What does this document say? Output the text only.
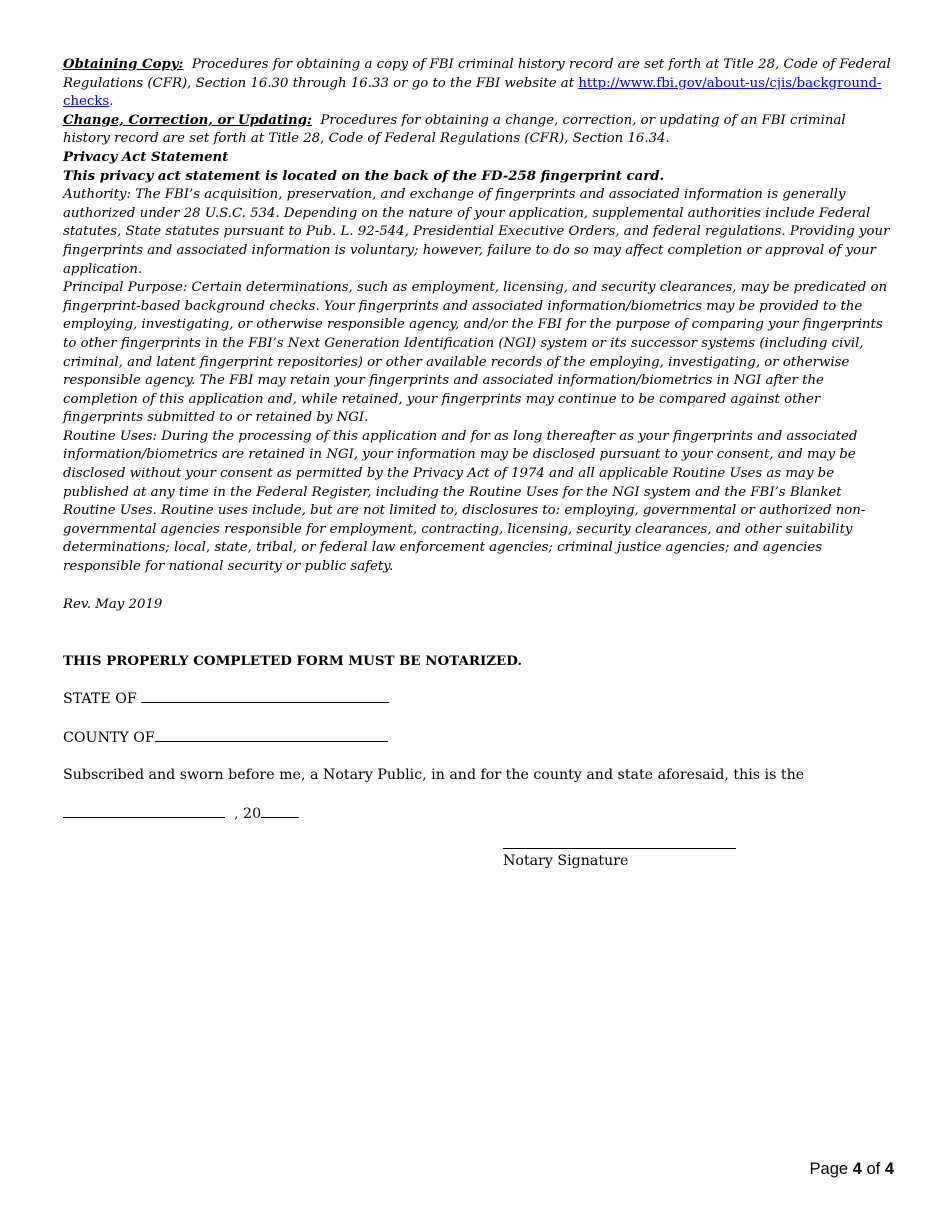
Obtaining Copy: Procedures for obtaining a copy of FBI criminal history record are set forth at Title 28, Code of Federal Regulations (CFR), Section 16.30 through 16.33 or go to the FBI website at http://www.fbi.gov/about-us/cjis/background-checks.

Change, Correction, or Updating: Procedures for obtaining a change, correction, or updating of an FBI criminal history record are set forth at Title 28, Code of Federal Regulations (CFR), Section 16.34.

Privacy Act Statement

This privacy act statement is located on the back of the FD-258 fingerprint card.

Authority: The FBI’s acquisition, preservation, and exchange of fingerprints and associated information is generally authorized under 28 U.S.C. 534. Depending on the nature of your application, supplemental authorities include Federal statutes, State statutes pursuant to Pub. L. 92-544, Presidential Executive Orders, and federal regulations. Providing your fingerprints and associated information is voluntary; however, failure to do so may affect completion or approval of your application.

Principal Purpose: Certain determinations, such as employment, licensing, and security clearances, may be predicated on fingerprint-based background checks. Your fingerprints and associated information/biometrics may be provided to the employing, investigating, or otherwise responsible agency, and/or the FBI for the purpose of comparing your fingerprints to other fingerprints in the FBI’s Next Generation Identification (NGI) system or its successor systems (including civil, criminal, and latent fingerprint repositories) or other available records of the employing, investigating, or otherwise responsible agency. The FBI may retain your fingerprints and associated information/biometrics in NGI after the completion of this application and, while retained, your fingerprints may continue to be compared against other fingerprints submitted to or retained by NGI.

Routine Uses: During the processing of this application and for as long thereafter as your fingerprints and associated information/biometrics are retained in NGI, your information may be disclosed pursuant to your consent, and may be disclosed without your consent as permitted by the Privacy Act of 1974 and all applicable Routine Uses as may be published at any time in the Federal Register, including the Routine Uses for the NGI system and the FBI’s Blanket Routine Uses. Routine uses include, but are not limited to, disclosures to: employing, governmental or authorized non-governmental agencies responsible for employment, contracting, licensing, security clearances, and other suitability determinations; local, state, tribal, or federal law enforcement agencies; criminal justice agencies; and agencies responsible for national security or public safety.

Rev. May 2019

THIS PROPERLY COMPLETED FORM MUST BE NOTARIZED.

STATE OF

COUNTY OF

Subscribed and sworn before me, a Notary Public, in and for the county and state aforesaid, this is the

, 20

Notary Signature
Page 4 of 4
